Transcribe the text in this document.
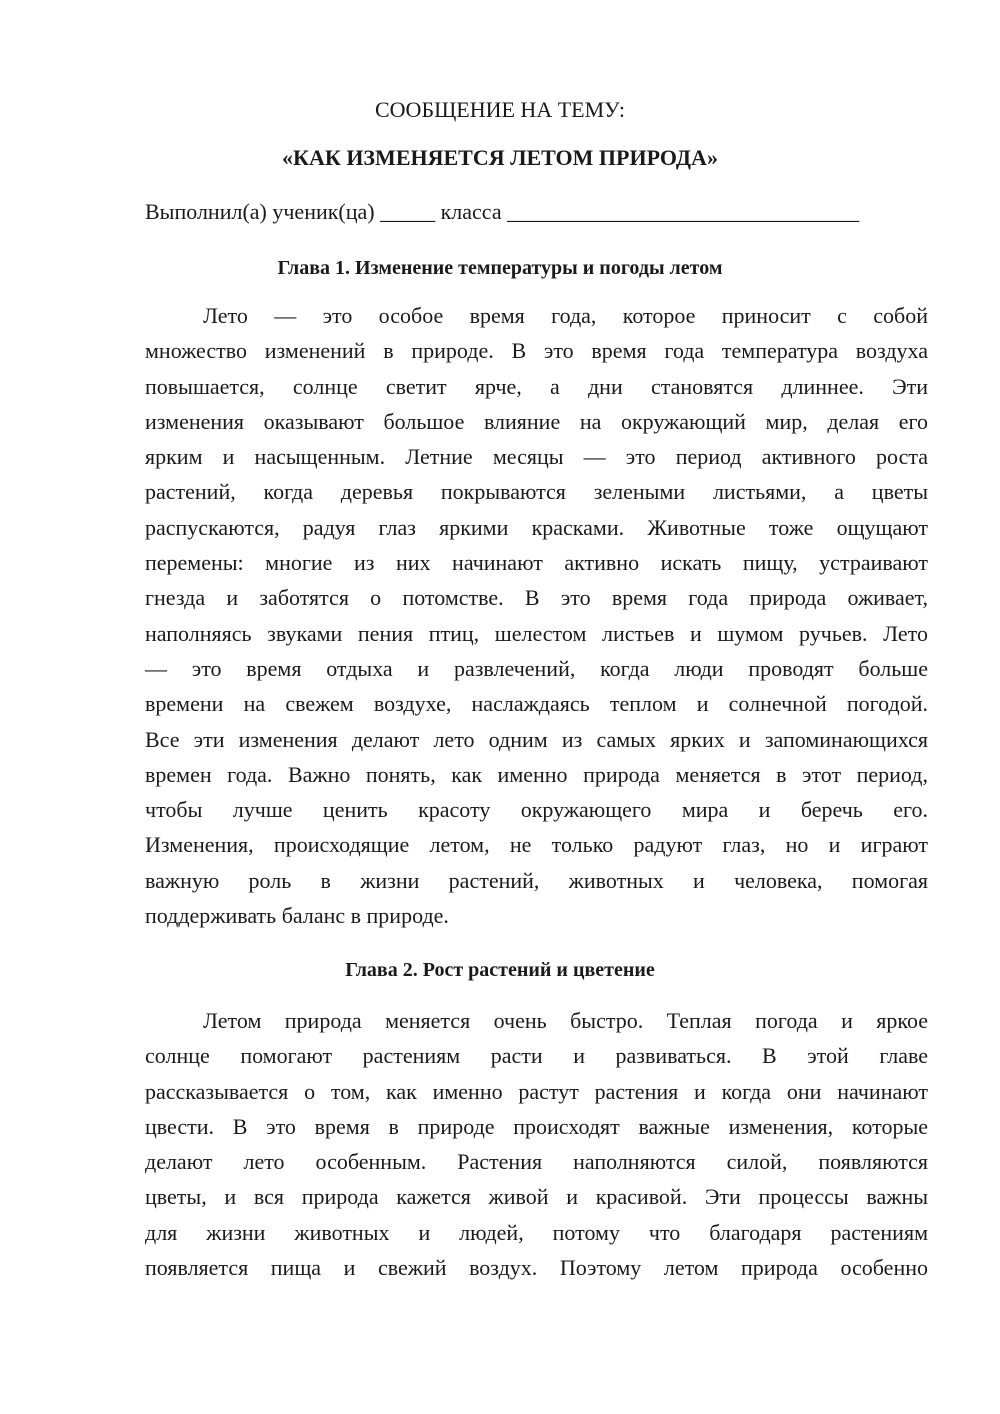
СООБЩЕНИЕ НА ТЕМУ:
«КАК ИЗМЕНЯЕТСЯ ЛЕТОМ ПРИРОДА»
Выполнил(а) ученик(ца) _____ класса ________________________________
Глава 1. Изменение температуры и погоды летом
Лето — это особое время года, которое приносит с собой
множество изменений в природе. В это время года температура воздуха
повышается, солнце светит ярче, а дни становятся длиннее. Эти
изменения оказывают большое влияние на окружающий мир, делая его
ярким и насыщенным. Летние месяцы — это период активного роста
растений, когда деревья покрываются зелеными листьями, а цветы
распускаются, радуя глаз яркими красками. Животные тоже ощущают
перемены: многие из них начинают активно искать пищу, устраивают
гнезда и заботятся о потомстве. В это время года природа оживает,
наполняясь звуками пения птиц, шелестом листьев и шумом ручьев. Лето
— это время отдыха и развлечений, когда люди проводят больше
времени на свежем воздухе, наслаждаясь теплом и солнечной погодой.
Все эти изменения делают лето одним из самых ярких и запоминающихся
времен года. Важно понять, как именно природа меняется в этот период,
чтобы лучше ценить красоту окружающего мира и беречь его.
Изменения, происходящие летом, не только радуют глаз, но и играют
важную роль в жизни растений, животных и человека, помогая
поддерживать баланс в природе.
Глава 2. Рост растений и цветение
Летом природа меняется очень быстро. Теплая погода и яркое
солнце помогают растениям расти и развиваться. В этой главе
рассказывается о том, как именно растут растения и когда они начинают
цвести. В это время в природе происходят важные изменения, которые
делают лето особенным. Растения наполняются силой, появляются
цветы, и вся природа кажется живой и красивой. Эти процессы важны
для жизни животных и людей, потому что благодаря растениям
появляется пища и свежий воздух. Поэтому летом природа особенно
